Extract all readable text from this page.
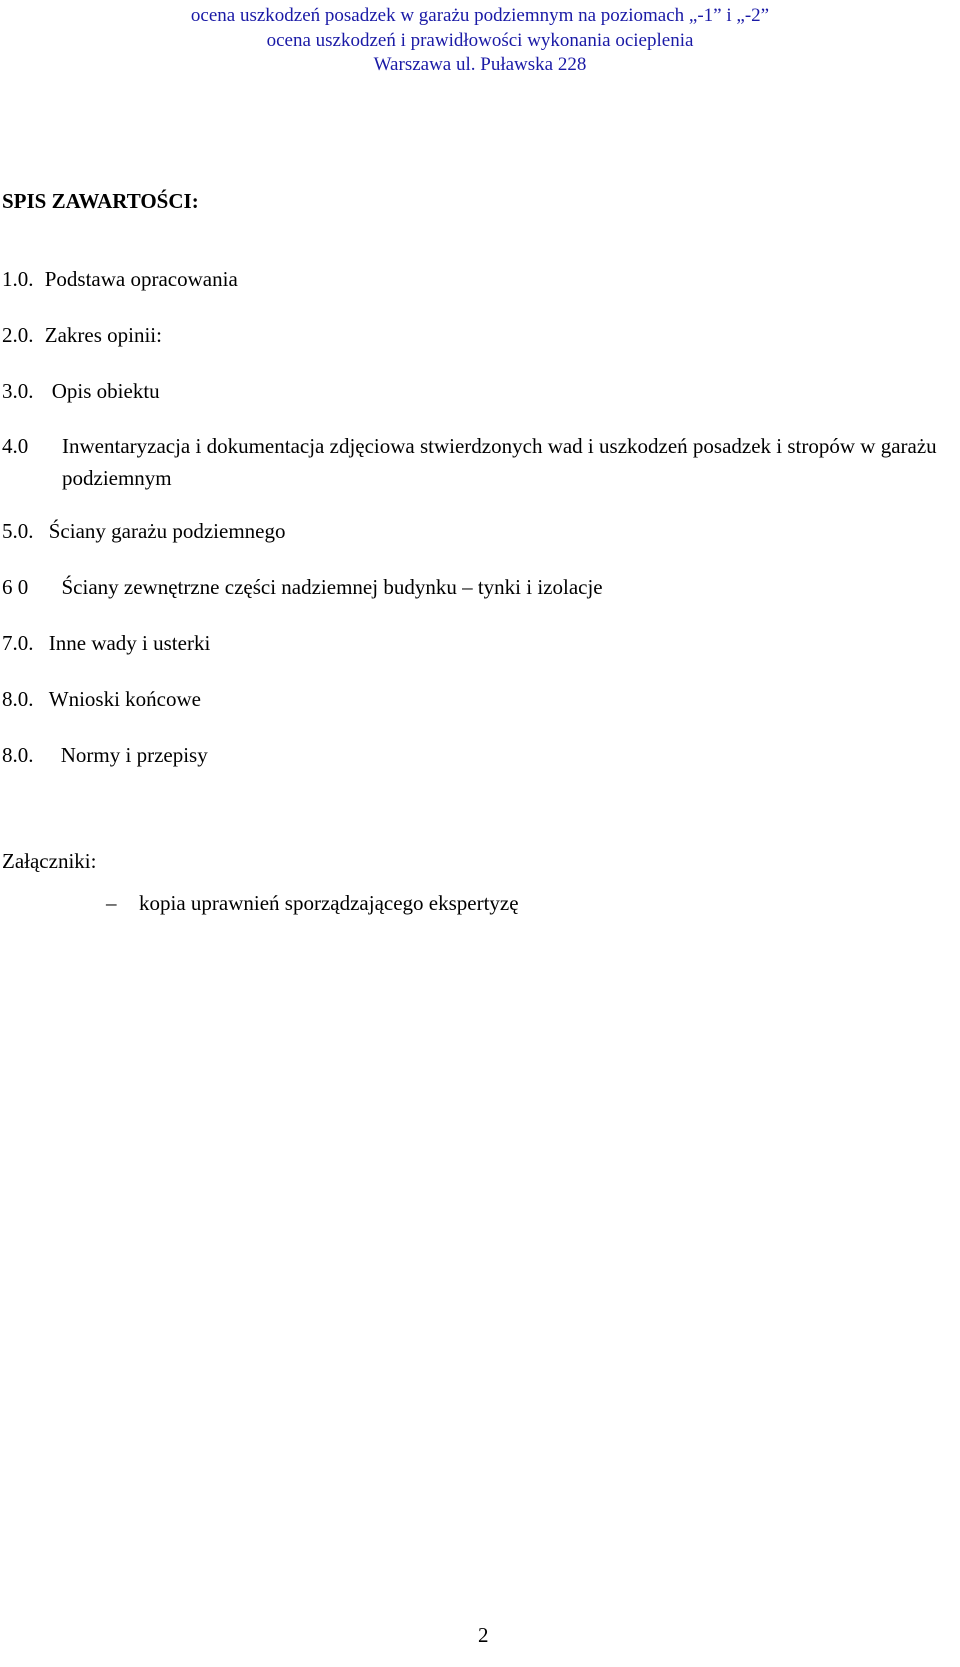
ocena uszkodzeń posadzek w garażu podziemnym na poziomach „-1” i „-2”
ocena uszkodzeń i prawidłowości wykonania ocieplenia
Warszawa ul. Puławska 228
SPIS ZAWARTOŚCI:
1.0. Podstawa opracowania
2.0. Zakres opinii:
3.0. Opis obiektu
4.0 Inwentaryzacja i dokumentacja zdjęciowa stwierdzonych wad i uszkodzeń posadzek i stropów w garażu podziemnym
5.0. Ściany garażu podziemnego
6 0 Ściany zewnętrzne części nadziemnej budynku – tynki i izolacje
7.0. Inne wady i usterki
8.0. Wnioski końcowe
8.0. Normy i przepisy
Załączniki:
– kopia uprawnień sporządzającego ekspertyzę
2
